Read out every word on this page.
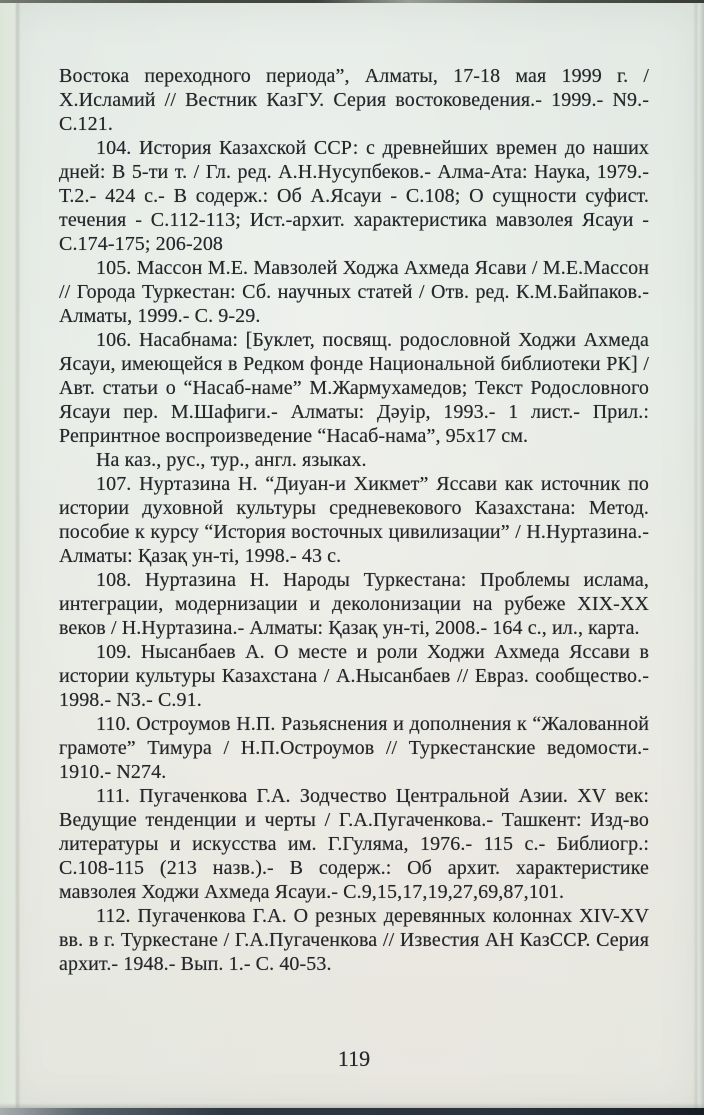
Востока переходного периода”, Алматы, 17-18 мая 1999 г. / Х.Исламий // Вестник КазГУ. Серия востоковедения.- 1999.- N9.- С.121.

104. История Казахской ССР: с древнейших времен до наших дней: В 5-ти т. / Гл. ред. А.Н.Нусупбеков.- Алма-Ата: Наука, 1979.- Т.2.- 424 с.- В содерж.: Об А.Ясауи - С.108; О сущности суфист. течения - С.112-113; Ист.-архит. характеристика мавзолея Ясауи - С.174-175; 206-208

105. Массон М.Е. Мавзолей Ходжа Ахмеда Ясави / М.Е.Массон // Города Туркестан: Сб. научных статей / Отв. ред. К.М.Байпаков.- Алматы, 1999.- С. 9-29.

106. Насабнама: [Буклет, посвящ. родословной Ходжи Ахмеда Ясауи, имеющейся в Редком фонде Национальной библиотеки РК] / Авт. статьи о “Насаб-наме” М.Жармухамедов; Текст Родословного Ясауи пер. М.Шафиги.- Алматы: Дәуір, 1993.- 1 лист.- Прил.: Репринтное воспроизведение “Насаб-нама”, 95x17 см.

На каз., рус., тур., англ. языках.

107. Нуртазина Н. “Диуан-и Хикмет” Яссави как источник по истории духовной культуры средневекового Казахстана: Метод. пособие к курсу “История восточных цивилизации” / Н.Нуртазина.- Алматы: Қазақ ун-ті, 1998.- 43 с.

108. Нуртазина Н. Народы Туркестана: Проблемы ислама, интеграции, модернизации и деколонизации на рубеже XIX-XX веков / Н.Нуртазина.- Алматы: Қазақ ун-ті, 2008.- 164 с., ил., карта.

109. Нысанбаев А. О месте и роли Ходжи Ахмеда Яссави в истории культуры Казахстана / А.Нысанбаев // Евраз. сообщество.- 1998.- N3.- С.91.

110. Остроумов Н.П. Разьяснения и дополнения к “Жалованной грамоте” Тимура / Н.П.Остроумов // Туркестанские ведомости.- 1910.- N274.

111. Пугаченкова Г.А. Зодчество Центральной Азии. XV век: Ведущие тенденции и черты / Г.А.Пугаченкова.- Ташкент: Изд-во литературы и искусства им. Г.Гуляма, 1976.- 115 с.- Библиогр.: С.108-115 (213 назв.).- В содерж.: Об архит. характеристике мавзолея Ходжи Ахмеда Ясауи.- С.9,15,17,19,27,69,87,101.

112. Пугаченкова Г.А. О резных деревянных колоннах XIV-XV вв. в г. Туркестане / Г.А.Пугаченкова // Известия АН КазССР. Серия архит.- 1948.- Вып. 1.- С. 40-53.

119
